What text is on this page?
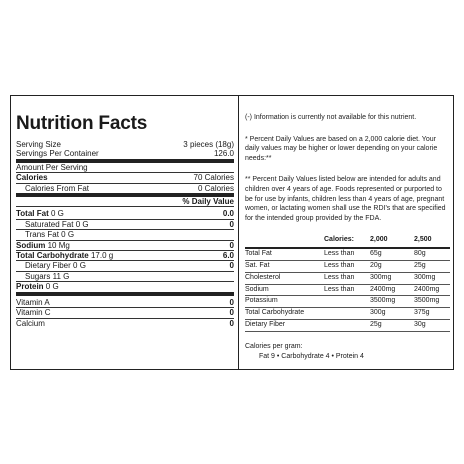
Nutrition Facts
Serving Size	3 pieces (18g)
Servings Per Container	126.0
Amount Per Serving
Calories	70 Calories
Calories From Fat	0 Calories
% Daily Value
Total Fat 0 G	0.0
Saturated Fat 0 G	0
Trans Fat 0 G
Sodium 10 Mg	0
Total Carbohydrate 17.0 g	6.0
Dietary Fiber 0 G	0
Sugars 11 G
Protein 0 G
Vitamin A	0
Vitamin C	0
Calcium	0

(-) Information is currently not available for this nutrient.

* Percent Daily Values are based on a 2,000 calorie diet. Your daily values may be higher or lower depending on your calorie needs:**

** Percent Daily Values listed below are intended for adults and children over 4 years of age. Foods represented or purported to be for use by infants, children less than 4 years of age, pregnant women, or lactating women shall use the RDI's that are specified for the intended group provided by the FDA.

	Calories:	2,000	2,500
Total Fat	Less than	65g	80g
Sat. Fat	Less than	20g	25g
Cholesterol	Less than	300mg	300mg
Sodium	Less than	2400mg	2400mg
Potassium		3500mg	3500mg
Total Carbohydrate		300g	375g
Dietary Fiber		25g	30g
Calories per gram:
Fat 9 • Carbohydrate 4 • Protein 4
